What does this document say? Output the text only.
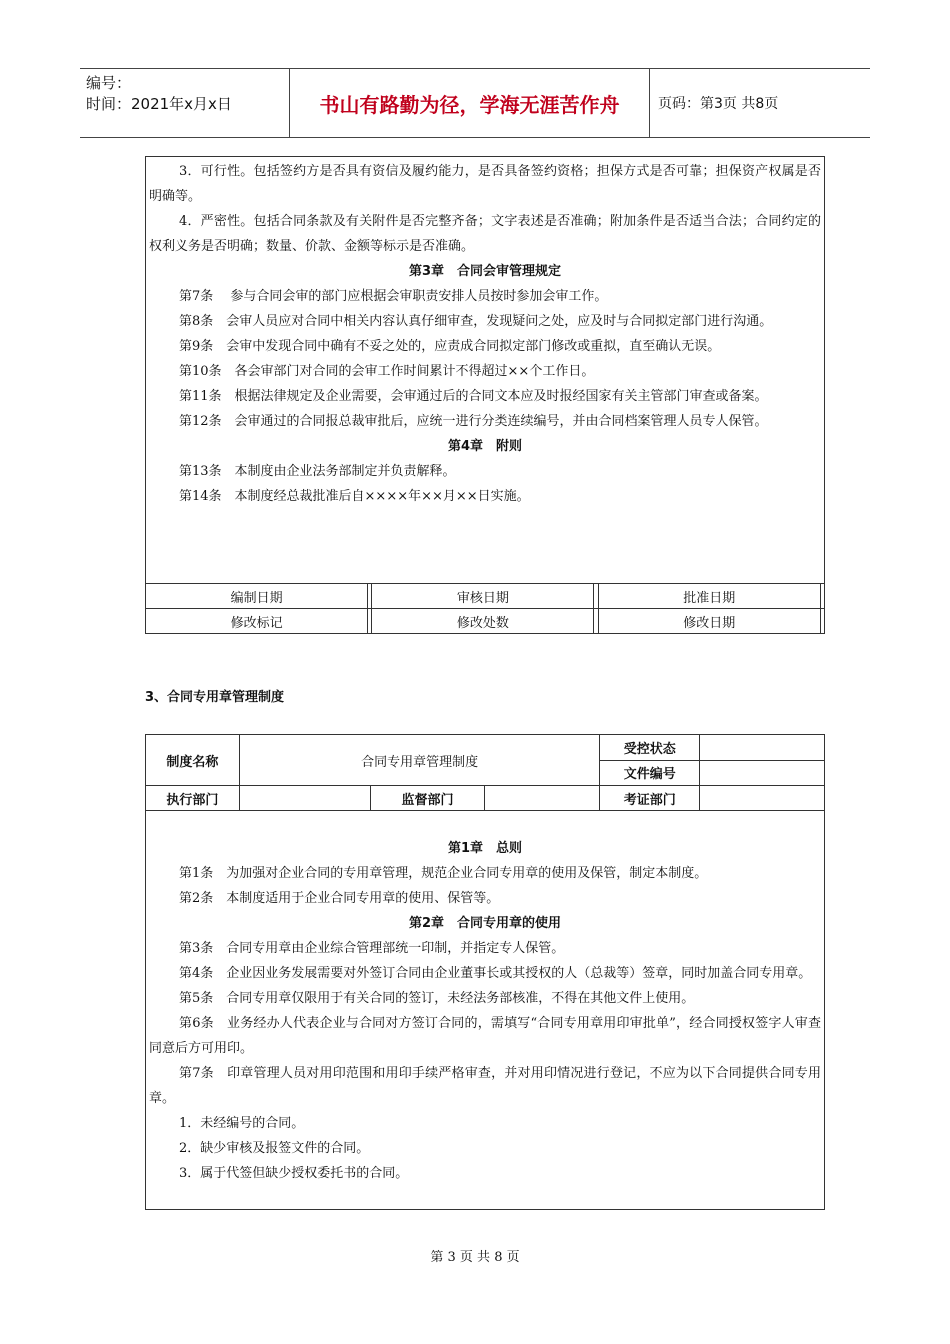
编号：
时间：2021年x月x日	书山有路勤为径，学海无涯苦作舟	页码：第3页 共8页

3．可行性。包括签约方是否具有资信及履约能力，是否具备签约资格；担保方式是否可靠；担保资产权属是否明确等。

4．严密性。包括合同条款及有关附件是否完整齐备；文字表述是否准确；附加条件是否适当合法；合同约定的权利义务是否明确；数量、价款、金额等标示是否准确。

第3章　合同会审管理规定

第7条　 参与合同会审的部门应根据会审职责安排人员按时参加会审工作。

第8条　会审人员应对合同中相关内容认真仔细审查，发现疑问之处，应及时与合同拟定部门进行沟通。

第9条　会审中发现合同中确有不妥之处的，应责成合同拟定部门修改或重拟，直至确认无误。

第10条　各会审部门对合同的会审工作时间累计不得超过××个工作日。

第11条　根据法律规定及企业需要，会审通过后的合同文本应及时报经国家有关主管部门审查或备案。

第12条　会审通过的合同报总裁审批后，应统一进行分类连续编号，并由合同档案管理人员专人保管。

第4章　附则

第13条　本制度由企业法务部制定并负责解释。

第14条　本制度经总裁批准后自××××年××月××日实施。

编制日期		审核日期		批准日期	
修改标记		修改处数		修改日期	
3、合同专用章管理制度
制度名称	合同专用章管理制度			受控状态	
				文件编号	
执行部门		监督部门		考证部门	

第1章　总则

第1条　为加强对企业合同的专用章管理，规范企业合同专用章的使用及保管，制定本制度。

第2条　本制度适用于企业合同专用章的使用、保管等。

第2章　合同专用章的使用

第3条　合同专用章由企业综合管理部统一印制，并指定专人保管。

第4条　企业因业务发展需要对外签订合同由企业董事长或其授权的人（总裁等）签章，同时加盖合同专用章。

第5条　合同专用章仅限用于有关合同的签订，未经法务部核准，不得在其他文件上使用。

第6条　业务经办人代表企业与合同对方签订合同的，需填写“合同专用章用印审批单”，经合同授权签字人审查同意后方可用印。

第7条　印章管理人员对用印范围和用印手续严格审查，并对用印情况进行登记，不应为以下合同提供合同专用章。

1．未经编号的合同。

2．缺少审核及报签文件的合同。

3．属于代签但缺少授权委托书的合同。

第 3 页 共 8 页
